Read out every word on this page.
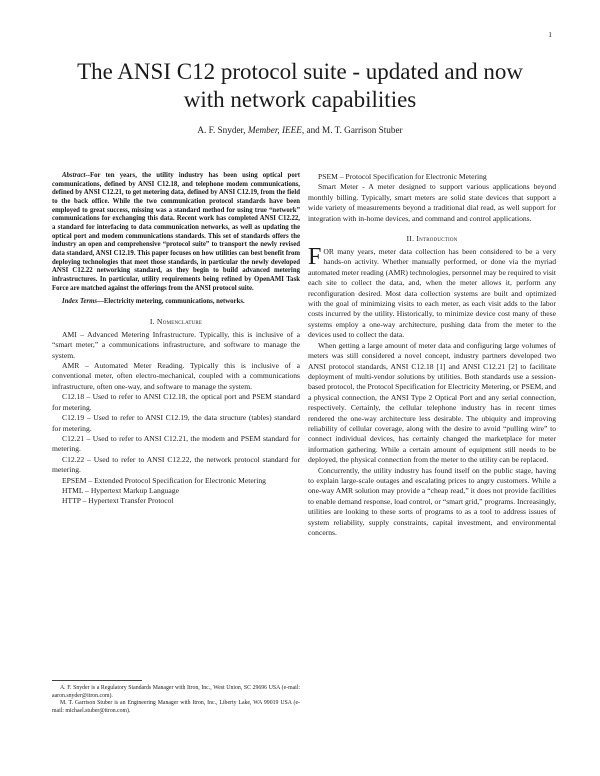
1
The ANSI C12 protocol suite - updated and now
with network capabilities
A. F. Snyder, Member, IEEE, and M. T. Garrison Stuber

Abstract--For ten years, the utility industry has been using optical port communications, defined by ANSI C12.18, and telephone modem communications, defined by ANSI C12.21, to get metering data, defined by ANSI C12.19, from the field to the back office. While the two communication protocol standards have been employed to great success, missing was a standard method for using true “network” communications for exchanging this data. Recent work has completed ANSI C12.22, a standard for interfacing to data communication networks, as well as updating the optical port and modem communications standards. This set of standards offers the industry an open and comprehensive “protocol suite” to transport the newly revised data standard, ANSI C12.19. This paper focuses on how utilities can best benefit from deploying technologies that meet those standards, in particular the newly developed ANSI C12.22 networking standard, as they begin to build advanced metering infrastructures. In particular, utility requirements being refined by OpenAMI Task Force are matched against the offerings from the ANSI protocol suite.

Index Terms—Electricity metering, communications, networks.

I. Nomenclature

AMI – Advanced Metering Infrastructure. Typically, this is inclusive of a “smart meter,” a communications infrastructure, and software to manage the system.

AMR – Automated Meter Reading. Typically this is inclusive of a conventional meter, often electro-mechanical, coupled with a communications infrastructure, often one-way, and software to manage the system.

C12.18 – Used to refer to ANSI C12.18, the optical port and PSEM standard for metering.

C12.19 – Used to refer to ANSI C12.19, the data structure (tables) standard for metering.

C12.21 – Used to refer to ANSI C12.21, the modem and PSEM standard for metering.

C12.22 – Used to refer to ANSI C12.22, the network protocol standard for metering.

EPSEM – Extended Protocol Specification for Electronic Metering

HTML – Hypertext Markup Language

HTTP – Hypertext Transfer Protocol

A. F. Snyder is a Regulatory Standards Manager with Itron, Inc., West Union, SC 29696 USA (e-mail: aaron.snyder@itron.com).

M. T. Garrison Stuber is an Engineering Manager with Itron, Inc., Liberty Lake, WA 99019 USA (e-mail: michael.stuber@itron.com).

PSEM – Protocol Specification for Electronic Metering

Smart Meter - A meter designed to support various applications beyond monthly billing. Typically, smart meters are solid state devices that support a wide variety of measurements beyond a traditional dial read, as well support for integration with in-home devices, and command and control applications.

II. Introduction

FOR many years, meter data collection has been considered to be a very hands-on activity. Whether manually performed, or done via the myriad automated meter reading (AMR) technologies, personnel may be required to visit each site to collect the data, and, when the meter allows it, perform any reconfiguration desired. Most data collection systems are built and optimized with the goal of minimizing visits to each meter, as each visit adds to the labor costs incurred by the utility. Historically, to minimize device cost many of these systems employ a one-way architecture, pushing data from the meter to the devices used to collect the data.

When getting a large amount of meter data and configuring large volumes of meters was still considered a novel concept, industry partners developed two ANSI protocol standards, ANSI C12.18 [1] and ANSI C12.21 [2] to facilitate deployment of multi-vendor solutions by utilities. Both standards use a session-based protocol, the Protocol Specification for Electricity Metering, or PSEM, and a physical connection, the ANSI Type 2 Optical Port and any serial connection, respectively. Certainly, the cellular telephone industry has in recent times rendered the one-way architecture less desirable. The ubiquity and improving reliability of cellular coverage, along with the desire to avoid “pulling wire” to connect individual devices, has certainly changed the marketplace for meter information gathering. While a certain amount of equipment still needs to be deployed, the physical connection from the meter to the utility can be replaced.

Concurrently, the utility industry has found itself on the public stage, having to explain large-scale outages and escalating prices to angry customers. While a one-way AMR solution may provide a “cheap read,” it does not provide facilities to enable demand response, load control, or “smart grid,” programs. Increasingly, utilities are looking to these sorts of programs to as a tool to address issues of system reliability, supply constraints, capital investment, and environmental concerns.
